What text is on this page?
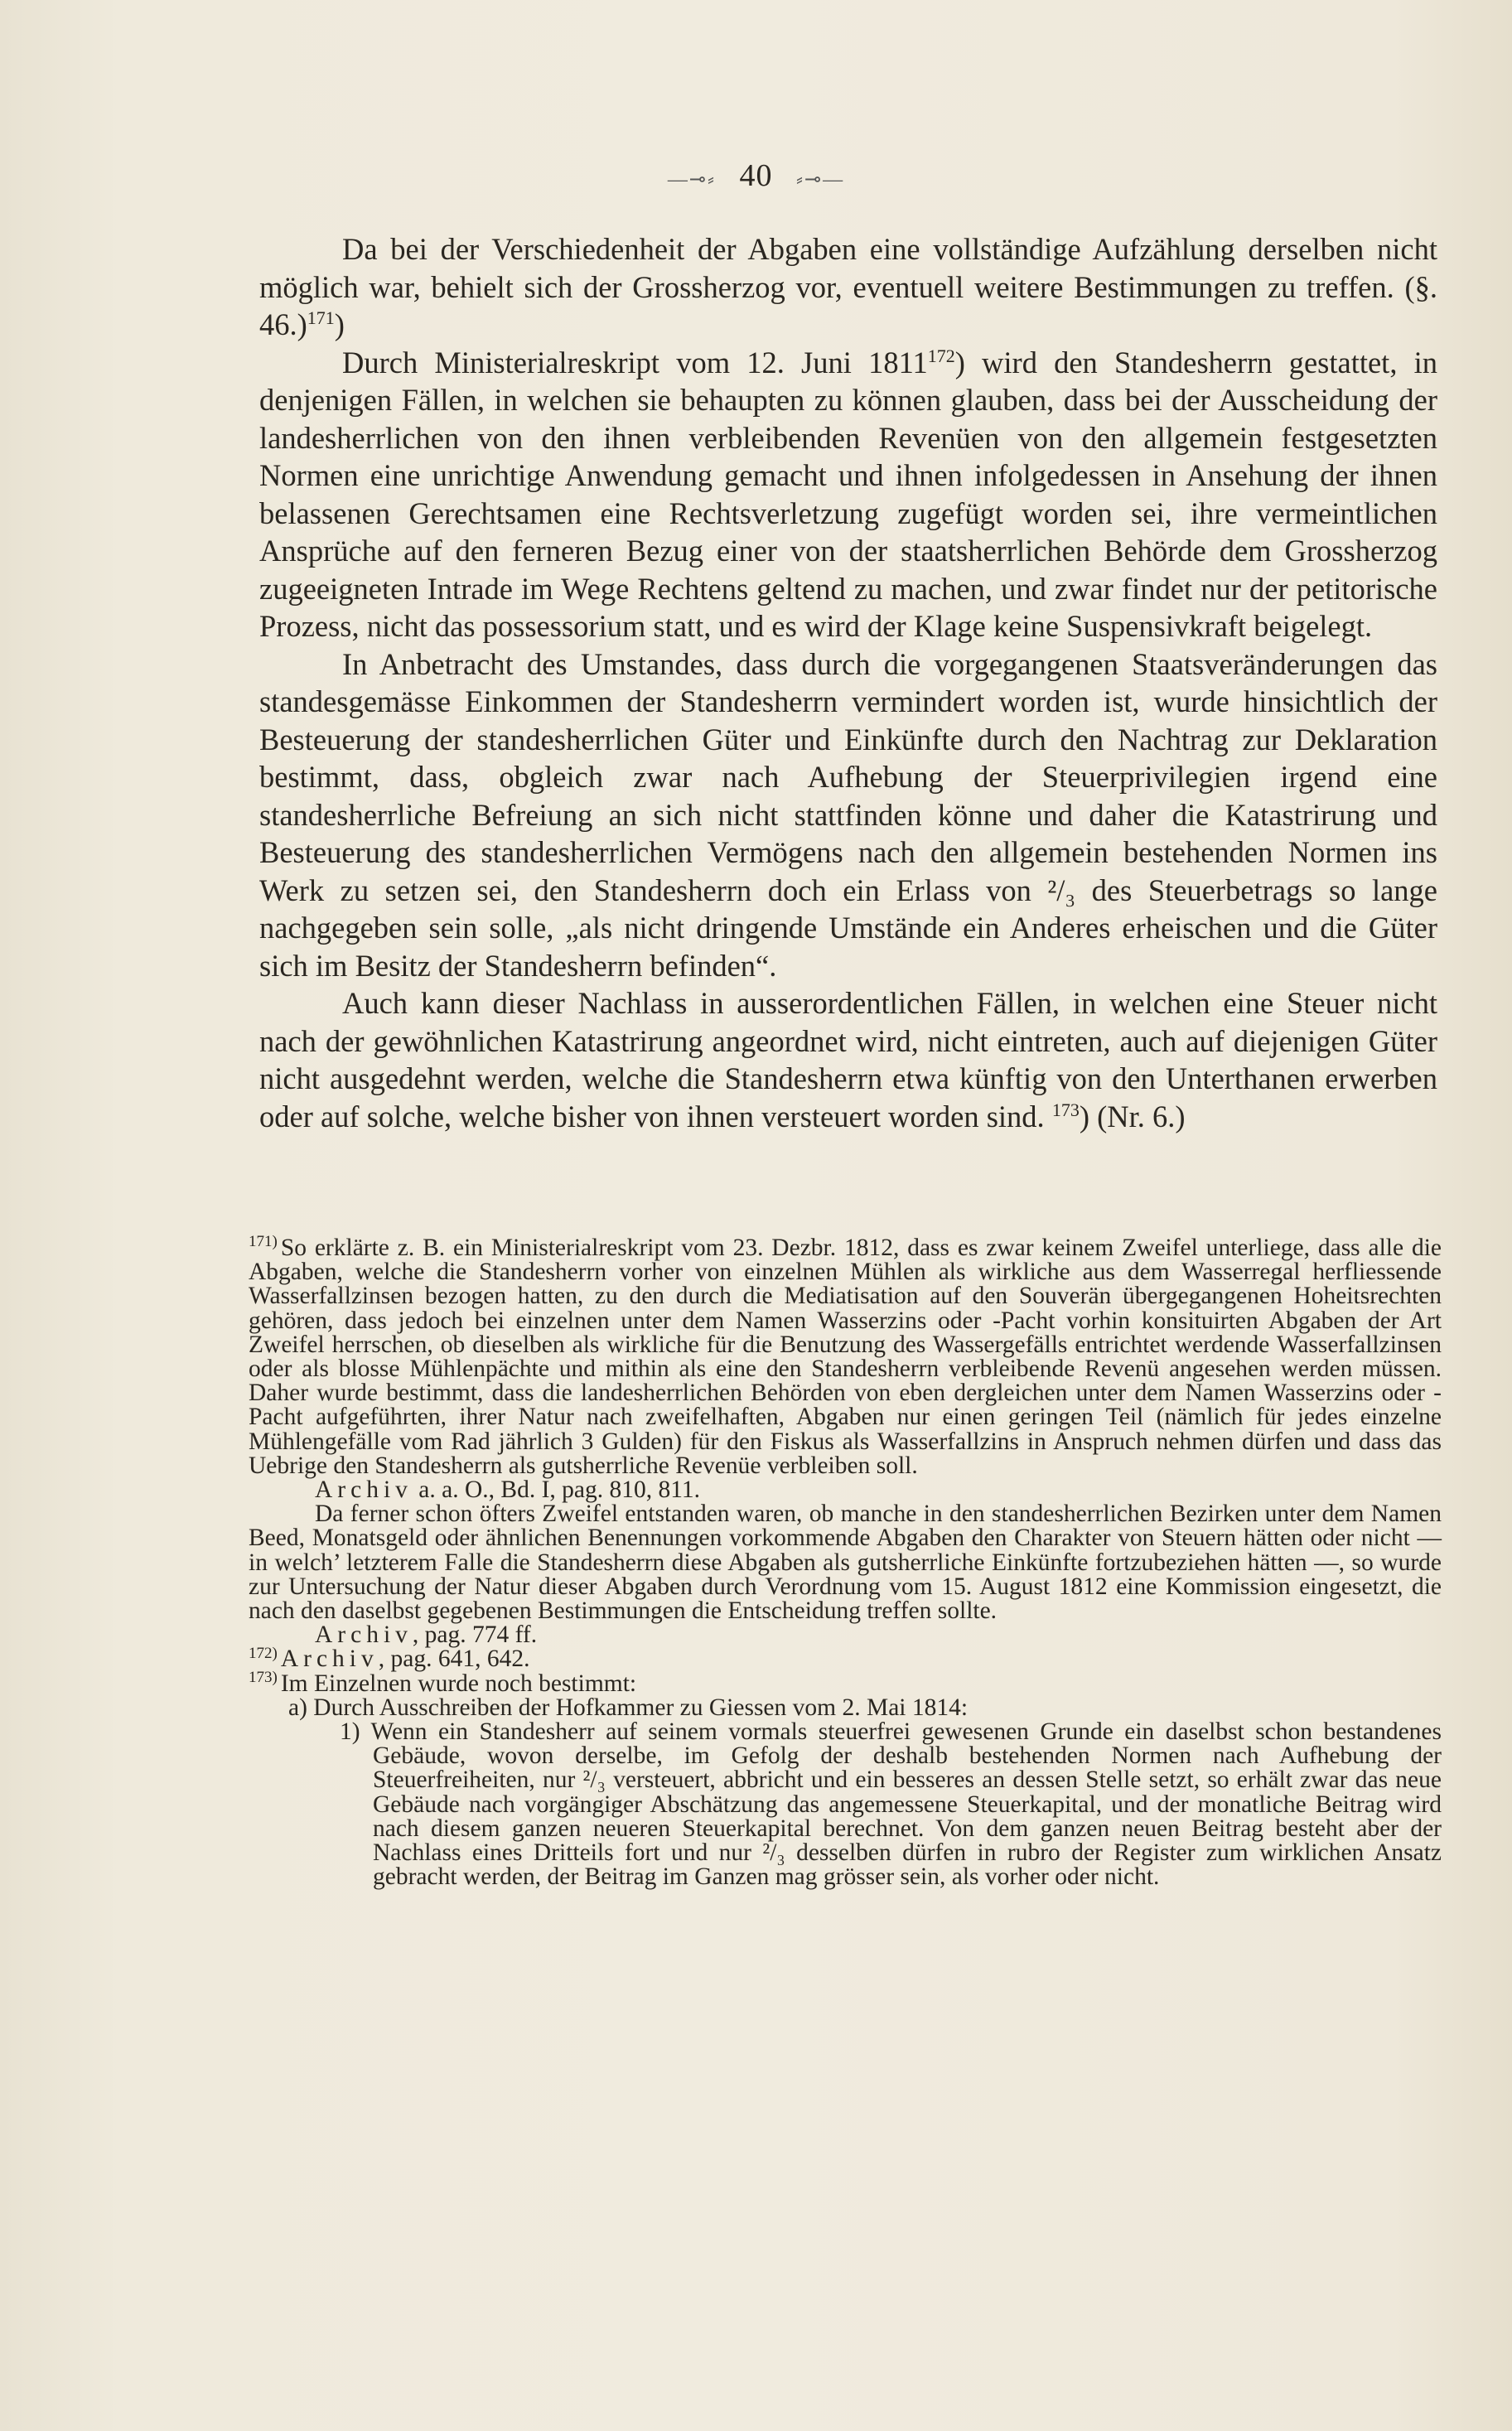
—⊸⸗ 40 ⸗⊸—

Da bei der Verschiedenheit der Abgaben eine vollständige Aufzählung derselben nicht möglich war, behielt sich der Grossherzog vor, eventuell weitere Bestimmungen zu treffen. (§. 46.)$^{171}$)

Durch Ministerialreskript vom 12. Juni 1811$^{172}$) wird den Standesherrn gestattet, in denjenigen Fällen, in welchen sie behaupten zu können glauben, dass bei der Ausscheidung der landesherrlichen von den ihnen verbleibenden Revenüen von den allgemein festgesetzten Normen eine unrichtige Anwendung gemacht und ihnen infolgedessen in Ansehung der ihnen belassenen Gerechtsamen eine Rechtsverletzung zugefügt worden sei, ihre vermeintlichen Ansprüche auf den ferneren Bezug einer von der staatsherrlichen Behörde dem Grossherzog zugeeigneten Intrade im Wege Rechtens geltend zu machen, und zwar findet nur der petitorische Prozess, nicht das possessorium statt, und es wird der Klage keine Suspensivkraft beigelegt.

In Anbetracht des Umstandes, dass durch die vorgegangenen Staatsveränderungen das standesgemässe Einkommen der Standesherrn vermindert worden ist, wurde hinsichtlich der Besteuerung der standesherrlichen Güter und Einkünfte durch den Nachtrag zur Deklaration bestimmt, dass, obgleich zwar nach Aufhebung der Steuerprivilegien irgend eine standesherrliche Befreiung an sich nicht stattfinden könne und daher die Katastrirung und Besteuerung des standesherrlichen Vermögens nach den allgemein bestehenden Normen ins Werk zu setzen sei, den Standesherrn doch ein Erlass von ²/₃ des Steuerbetrags so lange nachgegeben sein solle, „als nicht dringende Umstände ein Anderes erheischen und die Güter sich im Besitz der Standesherrn befinden“.

Auch kann dieser Nachlass in ausserordentlichen Fällen, in welchen eine Steuer nicht nach der gewöhnlichen Katastrirung angeordnet wird, nicht eintreten, auch auf diejenigen Güter nicht ausgedehnt werden, welche die Standesherrn etwa künftig von den Unterthanen erwerben oder auf solche, welche bisher von ihnen versteuert worden sind. $^{173}$) (Nr. 6.)

$^{171)}$ So erklärte z. B. ein Ministerialreskript vom 23. Dezbr. 1812, dass es zwar keinem Zweifel unterliege, dass alle die Abgaben, welche die Standesherrn vorher von einzelnen Mühlen als wirkliche aus dem Wasserregal herfliessende Wasserfallzinsen bezogen hatten, zu den durch die Mediatisation auf den Souverän übergegangenen Hoheitsrechten gehören, dass jedoch bei einzelnen unter dem Namen Wasserzins oder -Pacht vorhin konsituirten Abgaben der Art Zweifel herrschen, ob dieselben als wirkliche für die Benutzung des Wassergefälls entrichtet werdende Wasserfallzinsen oder als blosse Mühlenpächte und mithin als eine den Standesherrn verbleibende Revenü angesehen werden müssen. Daher wurde bestimmt, dass die landesherrlichen Behörden von eben dergleichen unter dem Namen Wasserzins oder -Pacht aufgeführten, ihrer Natur nach zweifelhaften, Abgaben nur einen geringen Teil (nämlich für jedes einzelne Mühlengefälle vom Rad jährlich 3 Gulden) für den Fiskus als Wasserfallzins in Anspruch nehmen dürfen und dass das Uebrige den Standesherrn als gutsherrliche Revenüe verbleiben soll.

Archiv a. a. O., Bd. I, pag. 810, 811.

Da ferner schon öfters Zweifel entstanden waren, ob manche in den standesherrlichen Bezirken unter dem Namen Beed, Monatsgeld oder ähnlichen Benennungen vorkommende Abgaben den Charakter von Steuern hätten oder nicht — in welch’ letzterem Falle die Standesherrn diese Abgaben als gutsherrliche Einkünfte fortzubeziehen hätten —, so wurde zur Untersuchung der Natur dieser Abgaben durch Verordnung vom 15. August 1812 eine Kommission eingesetzt, die nach den daselbst gegebenen Bestimmungen die Entscheidung treffen sollte.

Archiv, pag. 774 ff.

$^{172)}$ Archiv, pag. 641, 642.

$^{173)}$ Im Einzelnen wurde noch bestimmt:

a) Durch Ausschreiben der Hofkammer zu Giessen vom 2. Mai 1814:

1) Wenn ein Standesherr auf seinem vormals steuerfrei gewesenen Grunde ein daselbst schon bestandenes Gebäude, wovon derselbe, im Gefolg der deshalb bestehenden Normen nach Aufhebung der Steuerfreiheiten, nur ²/₃ versteuert, abbricht und ein besseres an dessen Stelle setzt, so erhält zwar das neue Gebäude nach vorgängiger Abschätzung das angemessene Steuerkapital, und der monatliche Beitrag wird nach diesem ganzen neueren Steuerkapital berechnet. Von dem ganzen neuen Beitrag besteht aber der Nachlass eines Dritteils fort und nur ²/₃ desselben dürfen in rubro der Register zum wirklichen Ansatz gebracht werden, der Beitrag im Ganzen mag grösser sein, als vorher oder nicht.
